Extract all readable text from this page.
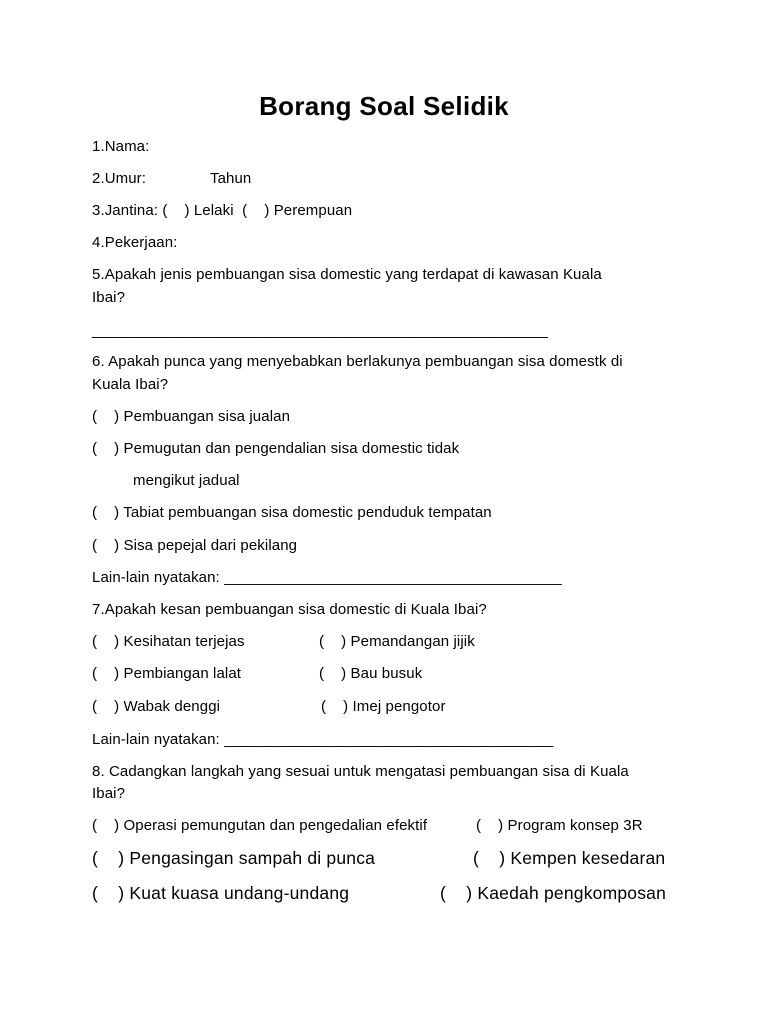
Borang Soal Selidik
1.Nama:
2.Umur:	Tahun
3.Jantina: (    ) Lelaki  (    ) Perempuan
4.Pekerjaan:
5.Apakah jenis pembuangan sisa domestic yang terdapat di kawasan Kuala
Ibai?
______________________________________________________
6. Apakah punca yang menyebabkan berlakunya pembuangan sisa domestk di
Kuala Ibai?
(    ) Pembuangan sisa jualan
(    ) Pemugutan dan pengendalian sisa domestic tidak
mengikut jadual
(    ) Tabiat pembuangan sisa domestic penduduk tempatan
(    ) Sisa pepejal dari pekilang
Lain-lain nyatakan: ________________________________________
7.Apakah kesan pembuangan sisa domestic di Kuala Ibai?
(    ) Kesihatan terjejas	(    ) Pemandangan jijik
(    ) Pembiangan lalat	(    ) Bau busuk
(    ) Wabak denggi	(    ) Imej pengotor
Lain-lain nyatakan: _______________________________________
8. Cadangkan langkah yang sesuai untuk mengatasi pembuangan sisa di Kuala
Ibai?
(    ) Operasi pemungutan dan pengedalian efektif	(    ) Program konsep 3R
(    ) Pengasingan sampah di punca	(    ) Kempen kesedaran
(    ) Kuat kuasa undang-undang	(    ) Kaedah pengkomposan
